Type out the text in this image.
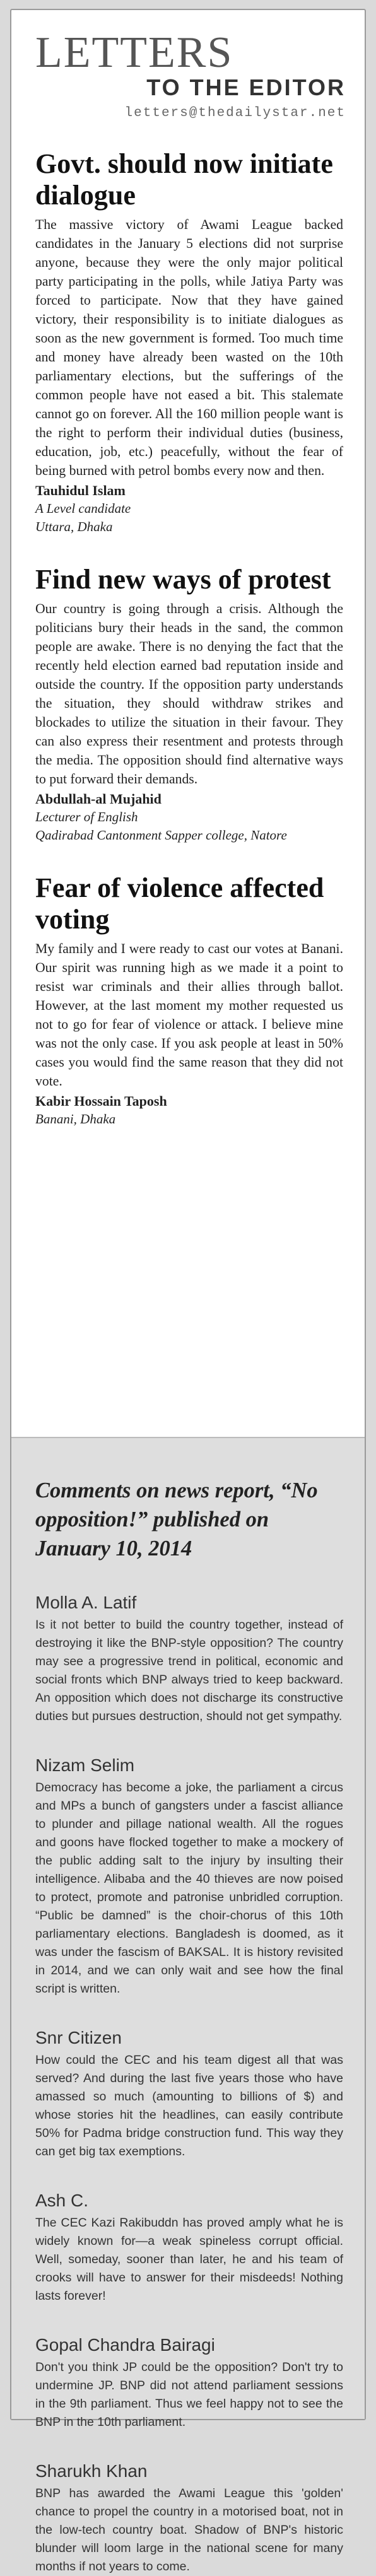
LETTERS
TO THE EDITOR
letters@thedailystar.net
Govt. should now initiate dialogue

The massive victory of Awami League backed candidates in the January 5 elections did not surprise anyone, because they were the only major political party participating in the polls, while Jatiya Party was forced to participate. Now that they have gained victory, their responsibility is to initiate dialogues as soon as the new government is formed. Too much time and money have already been wasted on the 10th parliamentary elections, but the sufferings of the common people have not eased a bit. This stalemate cannot go on forever. All the 160 million people want is the right to perform their individual duties (business, education, job, etc.) peacefully, without the fear of being burned with petrol bombs every now and then.

Tauhidul Islam
A Level candidate
Uttara, Dhaka
Find new ways of protest

Our country is going through a crisis. Although the politicians bury their heads in the sand, the common people are awake. There is no denying the fact that the recently held election earned bad reputation inside and outside the country. If the opposition party understands the situation, they should withdraw strikes and blockades to utilize the situation in their favour. They can also express their resentment and protests through the media. The opposition should find alternative ways to put forward their demands.

Abdullah-al Mujahid
Lecturer of English
Qadirabad Cantonment Sapper college, Natore
Fear of violence affected voting

My family and I were ready to cast our votes at Banani. Our spirit was running high as we made it a point to resist war criminals and their allies through ballot. However, at the last moment my mother requested us not to go for fear of violence or attack. I believe mine was not the only case. If you ask people at least in 50% cases you would find the same reason that they did not vote.

Kabir Hossain Taposh
Banani, Dhaka
Comments on news report, “No opposition!” published on January 10, 2014
Molla A. Latif

Is it not better to build the country together, instead of destroying it like the BNP-style opposition? The country may see a progressive trend in political, economic and social fronts which BNP always tried to keep backward. An opposition which does not discharge its constructive duties but pursues destruction, should not get sympathy.

Nizam Selim

Democracy has become a joke, the parliament a circus and MPs a bunch of gangsters under a fascist alliance to plunder and pillage national wealth. All the rogues and goons have flocked together to make a mockery of the public adding salt to the injury by insulting their intelligence. Alibaba and the 40 thieves are now poised to protect, promote and patronise unbridled corruption. “Public be damned” is the choir-chorus of this 10th parliamentary elections. Bangladesh is doomed, as it was under the fascism of BAKSAL. It is history revisited in 2014, and we can only wait and see how the final script is written.

Snr Citizen

How could the CEC and his team digest all that was served? And during the last five years those who have amassed so much (amounting to billions of $) and whose stories hit the headlines, can easily contribute 50% for Padma bridge construction fund. This way they can get big tax exemptions.

Ash C.

The CEC Kazi Rakibuddn has proved amply what he is widely known for—a weak spineless corrupt official. Well, someday, sooner than later, he and his team of crooks will have to answer for their misdeeds! Nothing lasts forever!

Gopal Chandra Bairagi

Don't you think JP could be the opposition? Don't try to undermine JP. BNP did not attend parliament sessions in the 9th parliament. Thus we feel happy not to see the BNP in the 10th parliament.

Sharukh Khan

BNP has awarded the Awami League this 'golden' chance to propel the country in a motorised boat, not in the low-tech country boat. Shadow of BNP's historic blunder will loom large in the national scene for many months if not years to come.
